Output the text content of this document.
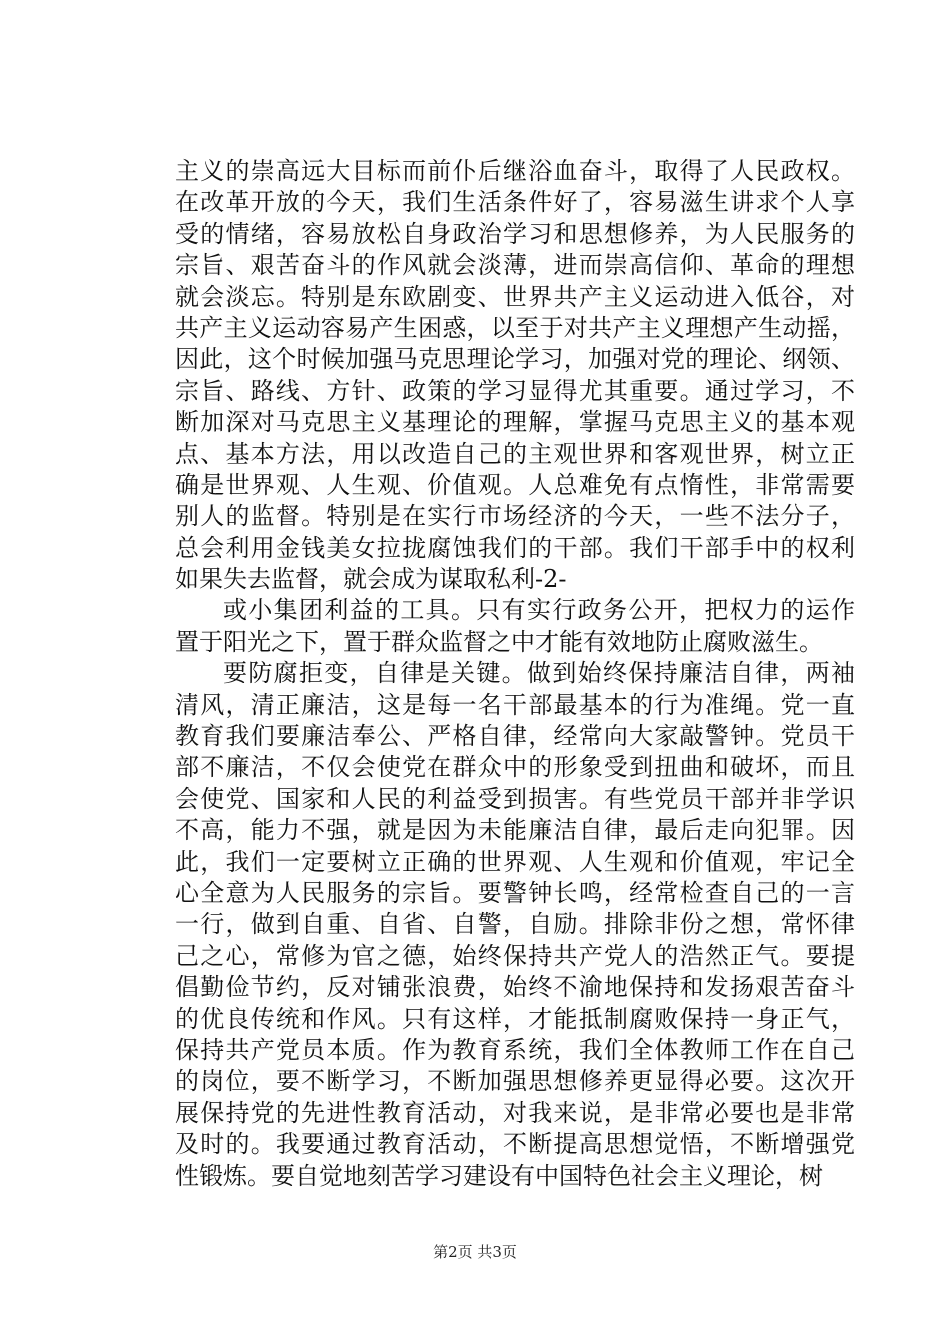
主义的崇高远大目标而前仆后继浴血奋斗，取得了人民政权。
在改革开放的今天，我们生活条件好了，容易滋生讲求个人享
受的情绪，容易放松自身政治学习和思想修养，为人民服务的
宗旨、艰苦奋斗的作风就会淡薄，进而崇高信仰、革命的理想
就会淡忘。特别是东欧剧变、世界共产主义运动进入低谷，对
共产主义运动容易产生困惑，以至于对共产主义理想产生动摇，
因此，这个时候加强马克思理论学习，加强对党的理论、纲领、
宗旨、路线、方针、政策的学习显得尤其重要。通过学习，不
断加深对马克思主义基理论的理解，掌握马克思主义的基本观
点、基本方法，用以改造自己的主观世界和客观世界，树立正
确是世界观、人生观、价值观。人总难免有点惰性，非常需要
别人的监督。特别是在实行市场经济的今天，一些不法分子，
总会利用金钱美女拉拢腐蚀我们的干部。我们干部手中的权利
如果失去监督，就会成为谋取私利-2-
或小集团利益的工具。只有实行政务公开，把权力的运作
置于阳光之下，置于群众监督之中才能有效地防止腐败滋生。
要防腐拒变，自律是关键。做到始终保持廉洁自律，两袖
清风，清正廉洁，这是每一名干部最基本的行为准绳。党一直
教育我们要廉洁奉公、严格自律，经常向大家敲警钟。党员干
部不廉洁，不仅会使党在群众中的形象受到扭曲和破坏，而且
会使党、国家和人民的利益受到损害。有些党员干部并非学识
不高，能力不强，就是因为未能廉洁自律，最后走向犯罪。因
此，我们一定要树立正确的世界观、人生观和价值观，牢记全
心全意为人民服务的宗旨。要警钟长鸣，经常检查自己的一言
一行，做到自重、自省、自警，自励。排除非份之想，常怀律
己之心，常修为官之德，始终保持共产党人的浩然正气。要提
倡勤俭节约，反对铺张浪费，始终不渝地保持和发扬艰苦奋斗
的优良传统和作风。只有这样，才能抵制腐败保持一身正气，
保持共产党员本质。作为教育系统，我们全体教师工作在自己
的岗位，要不断学习，不断加强思想修养更显得必要。这次开
展保持党的先进性教育活动，对我来说，是非常必要也是非常
及时的。我要通过教育活动，不断提高思想觉悟，不断增强党
性锻炼。要自觉地刻苦学习建设有中国特色社会主义理论，树
第2页 共3页
